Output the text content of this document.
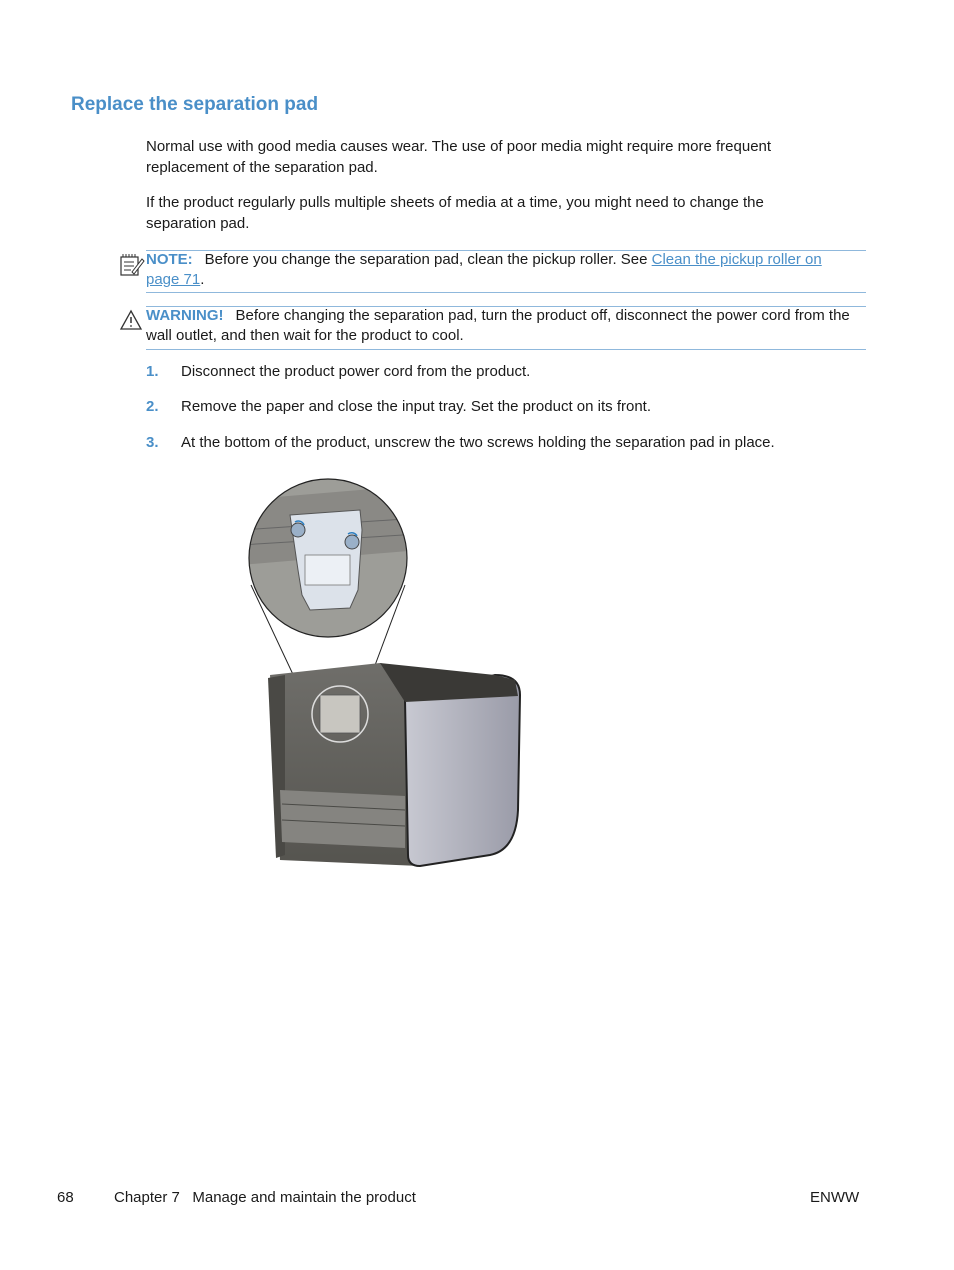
Replace the separation pad
Normal use with good media causes wear. The use of poor media might require more frequent replacement of the separation pad.
If the product regularly pulls multiple sheets of media at a time, you might need to change the separation pad.
NOTE: Before you change the separation pad, clean the pickup roller. See Clean the pickup roller on page 71.
WARNING! Before changing the separation pad, turn the product off, disconnect the power cord from the wall outlet, and then wait for the product to cool.
1. Disconnect the product power cord from the product.
2. Remove the paper and close the input tray. Set the product on its front.
3. At the bottom of the product, unscrew the two screws holding the separation pad in place.
68	Chapter 7   Manage and maintain the product	ENWW
